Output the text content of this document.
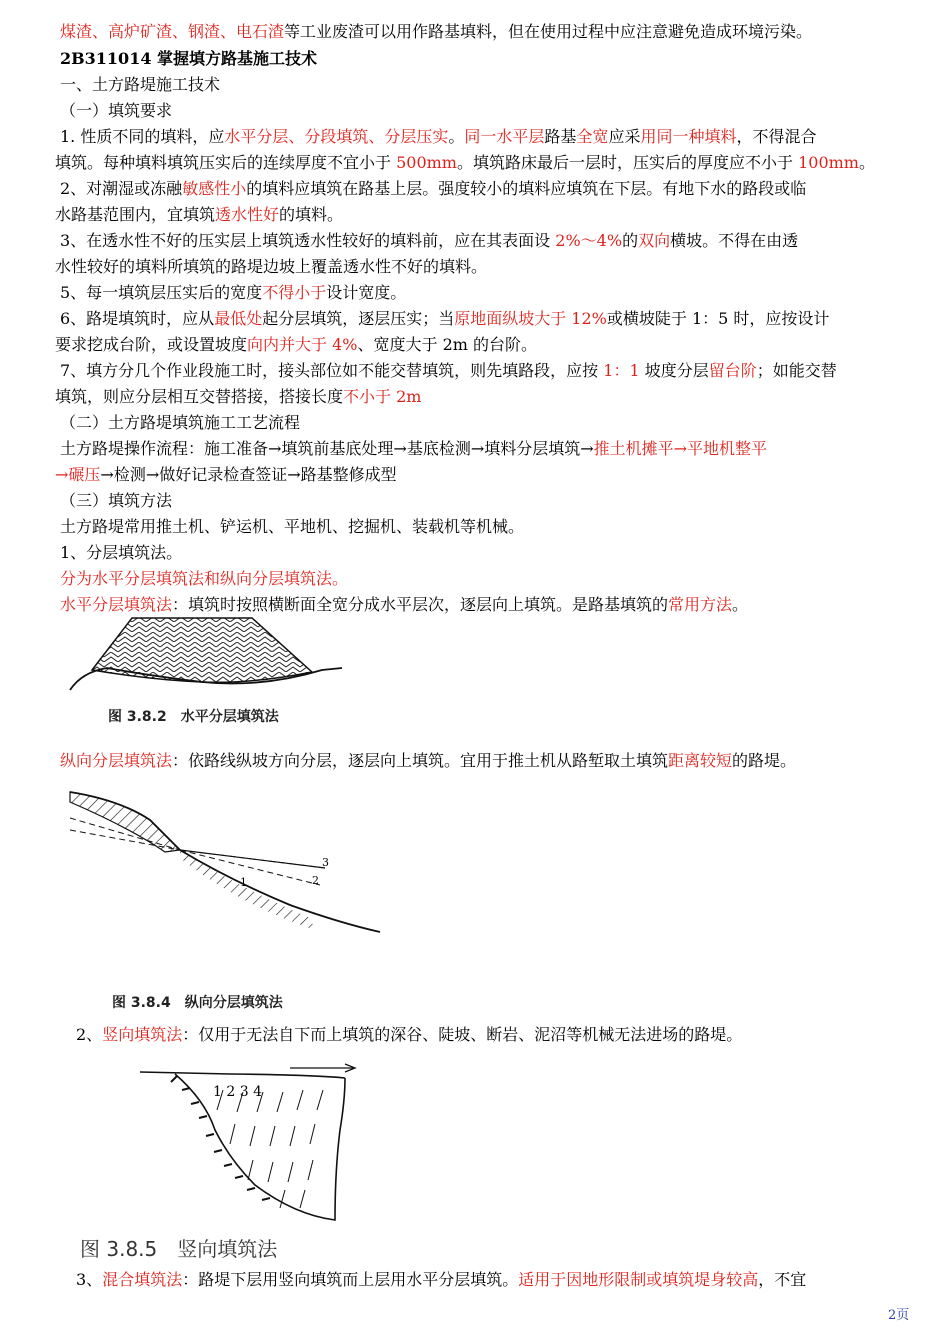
煤渣、高炉矿渣、钢渣、电石渣等工业废渣可以用作路基填料，但在使用过程中应注意避免造成环境污染。
2B311014 掌握填方路基施工技术
一、土方路堤施工技术
（一）填筑要求
1. 性质不同的填料，应水平分层、分段填筑、分层压实。同一水平层路基全宽应采用同一种填料，不得混合
填筑。每种填料填筑压实后的连续厚度不宜小于 500mm。填筑路床最后一层时，压实后的厚度应不小于 100mm。
2、对潮湿或冻融敏感性小的填料应填筑在路基上层。强度较小的填料应填筑在下层。有地下水的路段或临
水路基范围内，宜填筑透水性好的填料。
3、在透水性不好的压实层上填筑透水性较好的填料前，应在其表面设 2%～4%的双向横坡。不得在由透
水性较好的填料所填筑的路堤边坡上覆盖透水性不好的填料。
5、每一填筑层压实后的宽度不得小于设计宽度。
6、路堤填筑时，应从最低处起分层填筑，逐层压实；当原地面纵坡大于 12%或横坡陡于 1：5 时，应按设计
要求挖成台阶，或设置坡度向内并大于 4%、宽度大于 2m 的台阶。
7、填方分几个作业段施工时，接头部位如不能交替填筑，则先填路段，应按 1：1 坡度分层留台阶；如能交替
填筑，则应分层相互交替搭接，搭接长度不小于 2m
（二）土方路堤填筑施工工艺流程
土方路堤操作流程：施工准备→填筑前基底处理→基底检测→填料分层填筑→推土机摊平→平地机整平
→碾压→检测→做好记录检查签证→路基整修成型
（三）填筑方法
土方路堤常用推土机、铲运机、平地机、挖掘机、装载机等机械。
1、分层填筑法。
分为水平分层填筑法和纵向分层填筑法。
水平分层填筑法：填筑时按照横断面全宽分成水平层次，逐层向上填筑。是路基填筑的常用方法。
图 3.8.2　水平分层填筑法
纵向分层填筑法：依路线纵坡方向分层，逐层向上填筑。宜用于推土机从路堑取土填筑距离较短的路堤。
3
2
1
图 3.8.4　纵向分层填筑法
2、竖向填筑法：仅用于无法自下而上填筑的深谷、陡坡、断岩、泥沼等机械无法进场的路堤。
1 2 3 4
图 3.8.5　竖向填筑法
3、混合填筑法：路堤下层用竖向填筑而上层用水平分层填筑。适用于因地形限制或填筑堤身较高，不宜
2页
